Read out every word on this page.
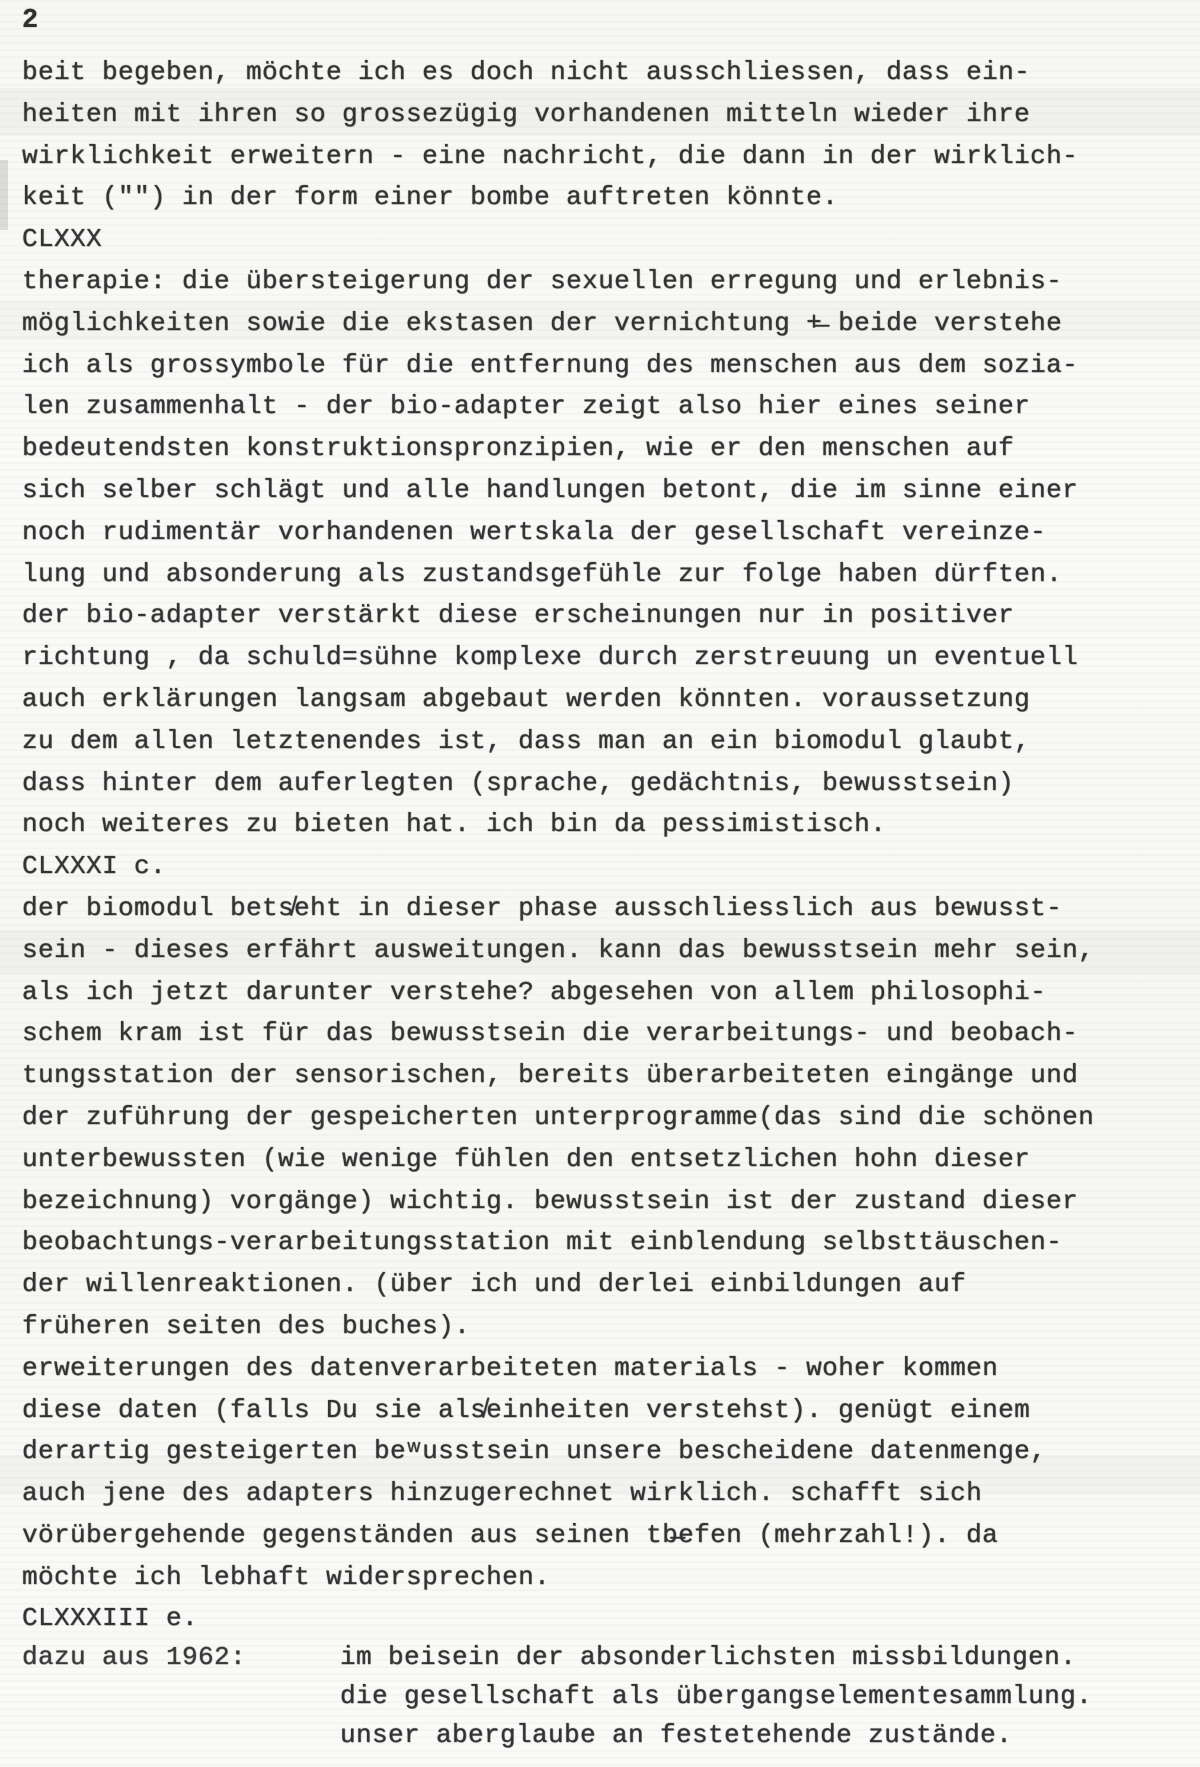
2
beit begeben, möchte ich es doch nicht ausschliessen, dass ein-
heiten mit ihren so grossezügig vorhandenen mitteln wieder ihre
wirklichkeit erweitern - eine nachricht, die dann in der wirklich-
keit ("") in der form einer bombe auftreten könnte.
CLXXX
therapie: die übersteigerung der sexuellen erregung und erlebnis-
möglichkeiten sowie die ekstasen der vernichtung +̶ beide verstehe
ich als grossymbole für die entfernung des menschen aus dem sozia-
len zusammenhalt - der bio-adapter zeigt also hier eines seiner
bedeutendsten konstruktionspronzipien, wie er den menschen auf
sich selber schlägt und alle handlungen betont, die im sinne einer
noch rudimentär vorhandenen wertskala der gesellschaft vereinze-
lung und absonderung als zustandsgefühle zur folge haben dürften.
der bio-adapter verstärkt diese erscheinungen nur in positiver
richtung , da schuld=sühne komplexe durch zerstreuung un eventuell
auch erklärungen langsam abgebaut werden könnten. voraussetzung
zu dem allen letztenendes ist, dass man an ein biomodul glaubt,
dass hinter dem auferlegten (sprache, gedächtnis, bewusstsein)
noch weiteres zu bieten hat. ich bin da pessimistisch.
CLXXXI c.
der biomodul bets̸eht in dieser phase ausschliesslich aus bewusst-
sein - dieses erfährt ausweitungen. kann das bewusstsein mehr sein,
als ich jetzt darunter verstehe? abgesehen von allem philosophi-
schem kram ist für das bewusstsein die verarbeitungs- und beobach-
tungsstation der sensorischen, bereits überarbeiteten eingänge und
der zuführung der gespeicherten unterprogramme(das sind die schönen
unterbewussten (wie wenige fühlen den entsetzlichen hohn dieser
bezeichnung) vorgänge) wichtig. bewusstsein ist der zustand dieser
beobachtungs-verarbeitungsstation mit einblendung selbsttäuschen-
der willenreaktionen. (über ich und derlei einbildungen auf
früheren seiten des buches).
erweiterungen des datenverarbeiteten materials - woher kommen
diese daten (falls Du sie als̸einheiten verstehst). genügt einem
derartig gesteigerten beʷusstsein unsere bescheidene datenmenge,
auch jene des adapters hinzugerechnet wirklich. schafft sich
vörübergehende gegenständen aus seinen tb̶efen (mehrzahl!). da
möchte ich lebhaft widersprechen.
CLXXXIII e.
dazu aus 1962:	im beisein der absonderlichsten missbildungen.
die gesellschaft als übergangselementesammlung.
unser aberglaube an festetehende zustände.
